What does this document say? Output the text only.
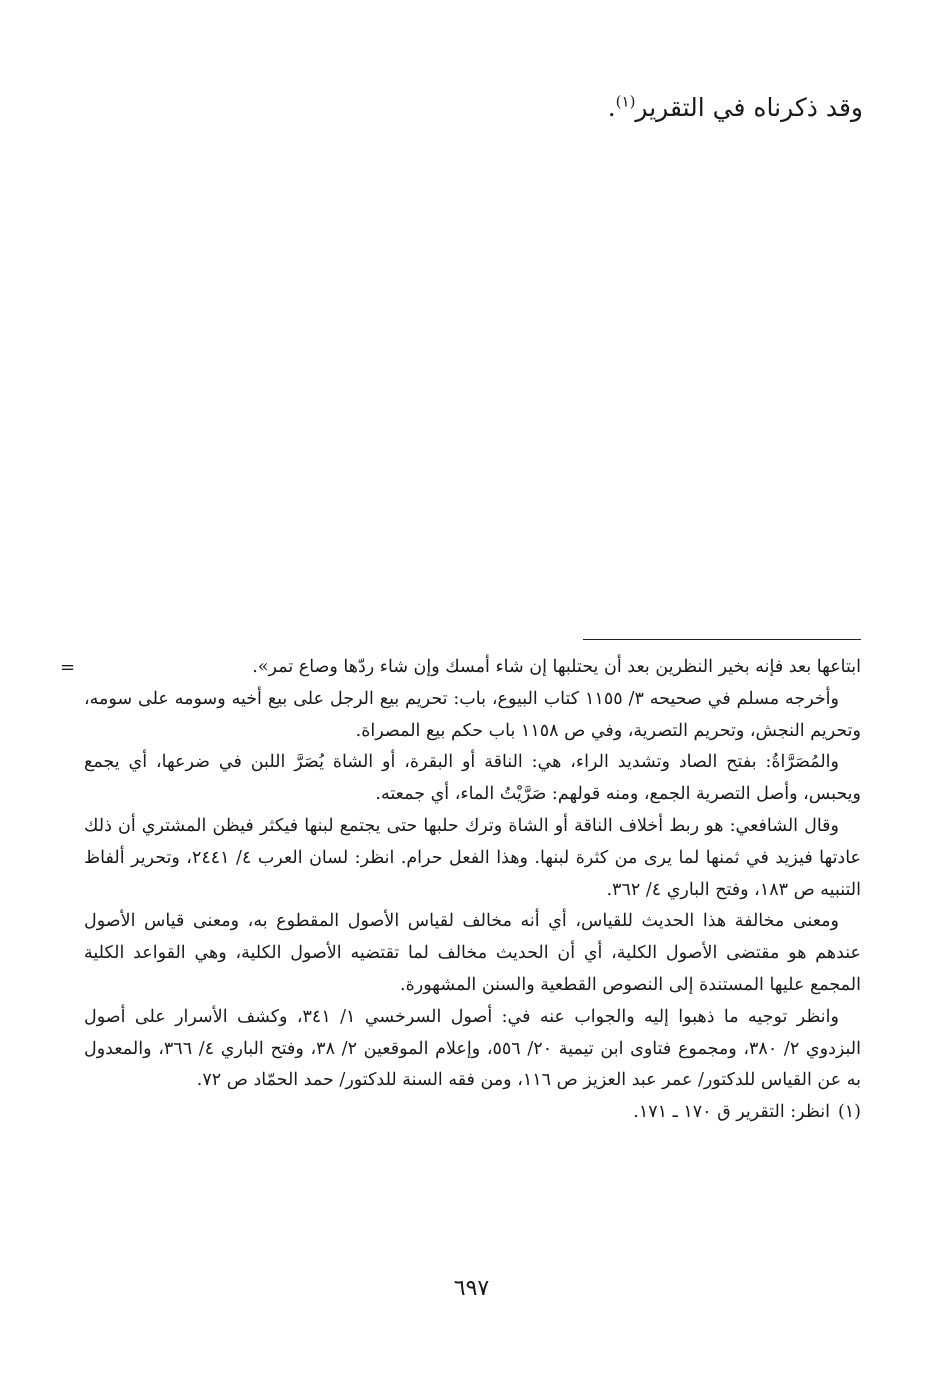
وقد ذكرناه في التقرير$^{(١)}$.

=	ابتاعها بعد فإنه بخير النظرين بعد أن يحتلبها إن شاء أمسك وإن شاء ردّها وصاع تمر».

وأخرجه مسلم في صحيحه ٣/ ١١٥٥ كتاب البيوع، باب: تحريم بيع الرجل على بيع أخيه وسومه على سومه، وتحريم النجش، وتحريم التصرية، وفي ص ١١٥٨ باب حكم بيع المصراة.

والمُصَرَّاةُ: بفتح الصاد وتشديد الراء، هي: الناقة أو البقرة، أو الشاة يُصَرَّ اللبن في ضرعها، أي يجمع ويحبس، وأصل التصرية الجمع، ومنه قولهم: صَرَّيْتُ الماء، أي جمعته.

وقال الشافعي: هو ربط أخلاف الناقة أو الشاة وترك حلبها حتى يجتمع لبنها فيكثر فيظن المشتري أن ذلك عادتها فيزيد في ثمنها لما يرى من كثرة لبنها. وهذا الفعل حرام. انظر: لسان العرب ٤/ ٢٤٤١، وتحرير ألفاظ التنبيه ص ١٨٣، وفتح الباري ٤/ ٣٦٢.

ومعنى مخالفة هذا الحديث للقياس، أي أنه مخالف لقياس الأصول المقطوع به، ومعنى قياس الأصول عندهم هو مقتضى الأصول الكلية، أي أن الحديث مخالف لما تقتضيه الأصول الكلية، وهي القواعد الكلية المجمع عليها المستندة إلى النصوص القطعية والسنن المشهورة.

وانظر توجيه ما ذهبوا إليه والجواب عنه في: أصول السرخسي ١/ ٣٤١، وكشف الأسرار على أصول البزدوي ٢/ ٣٨٠، ومجموع فتاوى ابن تيمية ٢٠/ ٥٥٦، وإعلام الموقعين ٢/ ٣٨، وفتح الباري ٤/ ٣٦٦، والمعدول به عن القياس للدكتور/ عمر عبد العزيز ص ١١٦، ومن فقه السنة للدكتور/ حمد الحمّاد ص ٧٢.

(١)
انظر: التقرير ق ١٧٠ ـ ١٧١.

٦٩٧
